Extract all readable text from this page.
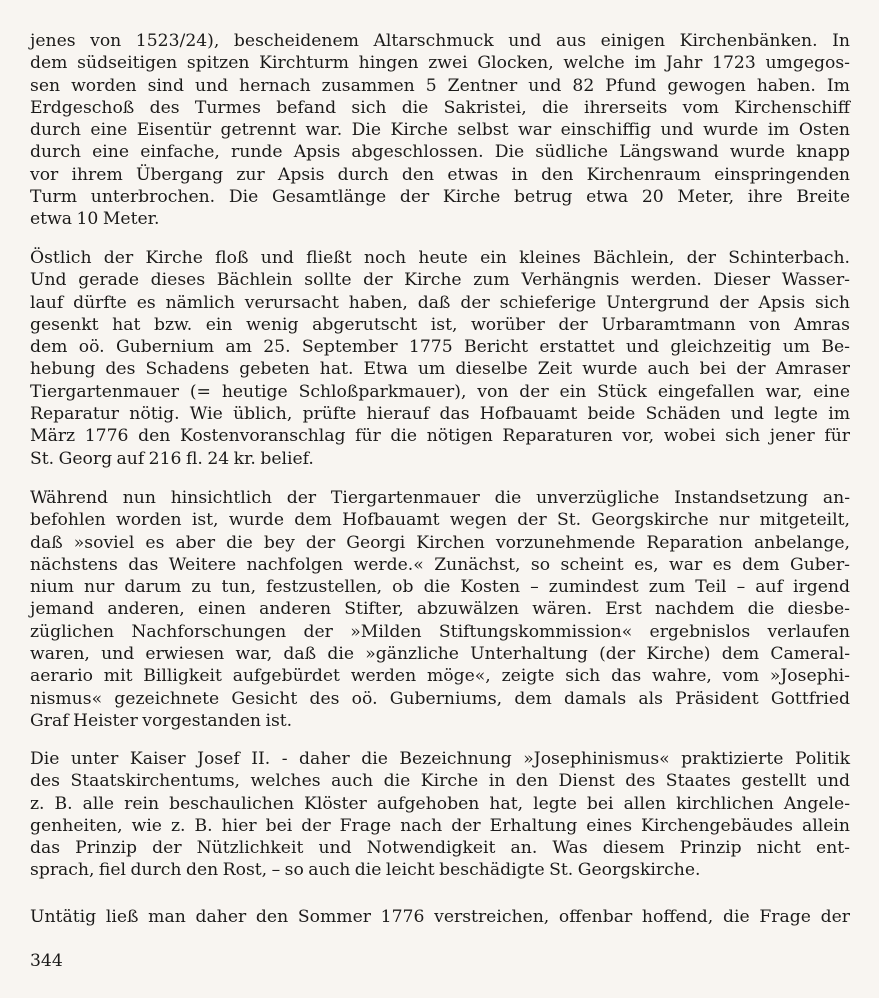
jenes von 1523/24), bescheidenem Altarschmuck und aus einigen Kirchenbänken. In
dem südseitigen spitzen Kirchturm hingen zwei Glocken, welche im Jahr 1723 umgegos-
sen worden sind und hernach zusammen 5 Zentner und 82 Pfund gewogen haben. Im
Erdgeschoß des Turmes befand sich die Sakristei, die ihrerseits vom Kirchenschiff
durch eine Eisentür getrennt war. Die Kirche selbst war einschiffig und wurde im Osten
durch eine einfache, runde Apsis abgeschlossen. Die südliche Längswand wurde knapp
vor ihrem Übergang zur Apsis durch den etwas in den Kirchenraum einspringenden
Turm unterbrochen. Die Gesamtlänge der Kirche betrug etwa 20 Meter, ihre Breite
etwa 10 Meter.
Östlich der Kirche floß und fließt noch heute ein kleines Bächlein, der Schinterbach.
Und gerade dieses Bächlein sollte der Kirche zum Verhängnis werden. Dieser Wasser-
lauf dürfte es nämlich verursacht haben, daß der schieferige Untergrund der Apsis sich
gesenkt hat bzw. ein wenig abgerutscht ist, worüber der Urbaramtmann von Amras
dem oö. Gubernium am 25. September 1775 Bericht erstattet und gleichzeitig um Be-
hebung des Schadens gebeten hat. Etwa um dieselbe Zeit wurde auch bei der Amraser
Tiergartenmauer (= heutige Schloßparkmauer), von der ein Stück eingefallen war, eine
Reparatur nötig. Wie üblich, prüfte hierauf das Hofbauamt beide Schäden und legte im
März 1776 den Kostenvoranschlag für die nötigen Reparaturen vor, wobei sich jener für
St. Georg auf 216 fl. 24 kr. belief.
Während nun hinsichtlich der Tiergartenmauer die unverzügliche Instandsetzung an-
befohlen worden ist, wurde dem Hofbauamt wegen der St. Georgskirche nur mitgeteilt,
daß »soviel es aber die bey der Georgi Kirchen vorzunehmende Reparation anbelange,
nächstens das Weitere nachfolgen werde.« Zunächst, so scheint es, war es dem Guber-
nium nur darum zu tun, festzustellen, ob die Kosten – zumindest zum Teil – auf irgend
jemand anderen, einen anderen Stifter, abzuwälzen wären. Erst nachdem die diesbe-
züglichen Nachforschungen der »Milden Stiftungskommission« ergebnislos verlaufen
waren, und erwiesen war, daß die »gänzliche Unterhaltung (der Kirche) dem Cameral-
aerario mit Billigkeit aufgebürdet werden möge«, zeigte sich das wahre, vom »Josephi-
nismus« gezeichnete Gesicht des oö. Guberniums, dem damals als Präsident Gottfried
Graf Heister vorgestanden ist.
Die unter Kaiser Josef II. - daher die Bezeichnung »Josephinismus« praktizierte Politik
des Staatskirchentums, welches auch die Kirche in den Dienst des Staates gestellt und
z. B. alle rein beschaulichen Klöster aufgehoben hat, legte bei allen kirchlichen Angele-
genheiten, wie z. B. hier bei der Frage nach der Erhaltung eines Kirchengebäudes allein
das Prinzip der Nützlichkeit und Notwendigkeit an. Was diesem Prinzip nicht ent-
sprach, fiel durch den Rost, – so auch die leicht beschädigte St. Georgskirche.
Untätig ließ man daher den Sommer 1776 verstreichen, offenbar hoffend, die Frage der
344
